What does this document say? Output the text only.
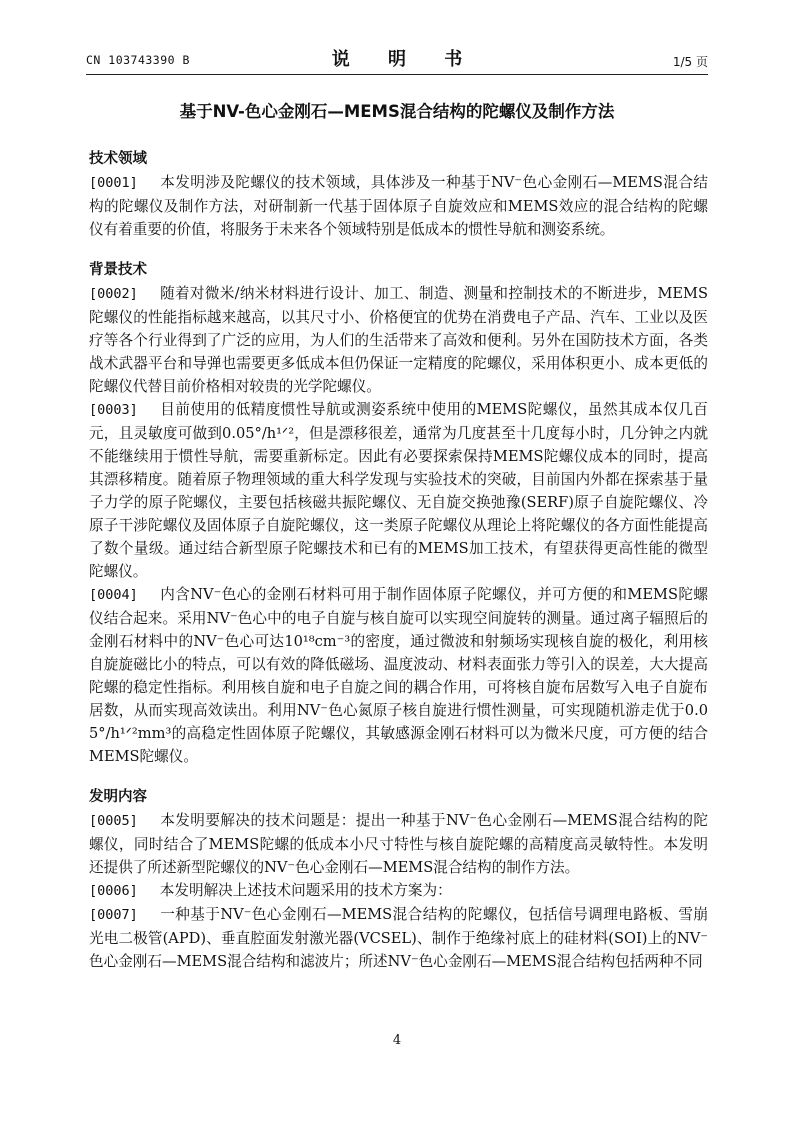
CN 103743390 B	说 明 书	1/5 页
基于NV-色心金刚石—MEMS混合结构的陀螺仪及制作方法
技术领域

[0001] 本发明涉及陀螺仪的技术领域，具体涉及一种基于NV⁻色心金刚石—MEMS混合结构的陀螺仪及制作方法，对研制新一代基于固体原子自旋效应和MEMS效应的混合结构的陀螺仪有着重要的价值，将服务于未来各个领域特别是低成本的惯性导航和测姿系统。

背景技术

[0002] 随着对微米/纳米材料进行设计、加工、制造、测量和控制技术的不断进步，MEMS陀螺仪的性能指标越来越高，以其尺寸小、价格便宜的优势在消费电子产品、汽车、工业以及医疗等各个行业得到了广泛的应用，为人们的生活带来了高效和便利。另外在国防技术方面，各类战术武器平台和导弹也需要更多低成本但仍保证一定精度的陀螺仪，采用体积更小、成本更低的陀螺仪代替目前价格相对较贵的光学陀螺仪。

[0003] 目前使用的低精度惯性导航或测姿系统中使用的MEMS陀螺仪，虽然其成本仅几百元，且灵敏度可做到0.05°/h¹ᐟ²，但是漂移很差，通常为几度甚至十几度每小时，几分钟之内就不能继续用于惯性导航，需要重新标定。因此有必要探索保持MEMS陀螺仪成本的同时，提高其漂移精度。随着原子物理领域的重大科学发现与实验技术的突破，目前国内外都在探索基于量子力学的原子陀螺仪，主要包括核磁共振陀螺仪、无自旋交换弛豫(SERF)原子自旋陀螺仪、冷原子干涉陀螺仪及固体原子自旋陀螺仪，这一类原子陀螺仪从理论上将陀螺仪的各方面性能提高了数个量级。通过结合新型原子陀螺技术和已有的MEMS加工技术，有望获得更高性能的微型陀螺仪。

[0004] 内含NV⁻色心的金刚石材料可用于制作固体原子陀螺仪，并可方便的和MEMS陀螺仪结合起来。采用NV⁻色心中的电子自旋与核自旋可以实现空间旋转的测量。通过离子辐照后的金刚石材料中的NV⁻色心可达10¹⁸cm⁻³的密度，通过微波和射频场实现核自旋的极化，利用核自旋旋磁比小的特点，可以有效的降低磁场、温度波动、材料表面张力等引入的误差，大大提高陀螺的稳定性指标。利用核自旋和电子自旋之间的耦合作用，可将核自旋布居数写入电子自旋布居数，从而实现高效读出。利用NV⁻色心氮原子核自旋进行惯性测量，可实现随机游走优于0.05°/h¹ᐟ²mm³的高稳定性固体原子陀螺仪，其敏感源金刚石材料可以为微米尺度，可方便的结合MEMS陀螺仪。

发明内容

[0005] 本发明要解决的技术问题是：提出一种基于NV⁻色心金刚石—MEMS混合结构的陀螺仪，同时结合了MEMS陀螺的低成本小尺寸特性与核自旋陀螺的高精度高灵敏特性。本发明还提供了所述新型陀螺仪的NV⁻色心金刚石—MEMS混合结构的制作方法。

[0006] 本发明解决上述技术问题采用的技术方案为：

[0007] 一种基于NV⁻色心金刚石—MEMS混合结构的陀螺仪，包括信号调理电路板、雪崩光电二极管(APD)、垂直腔面发射激光器(VCSEL)、制作于绝缘衬底上的硅材料(SOI)上的NV⁻色心金刚石—MEMS混合结构和滤波片；所述NV⁻色心金刚石—MEMS混合结构包括两种不同

4
